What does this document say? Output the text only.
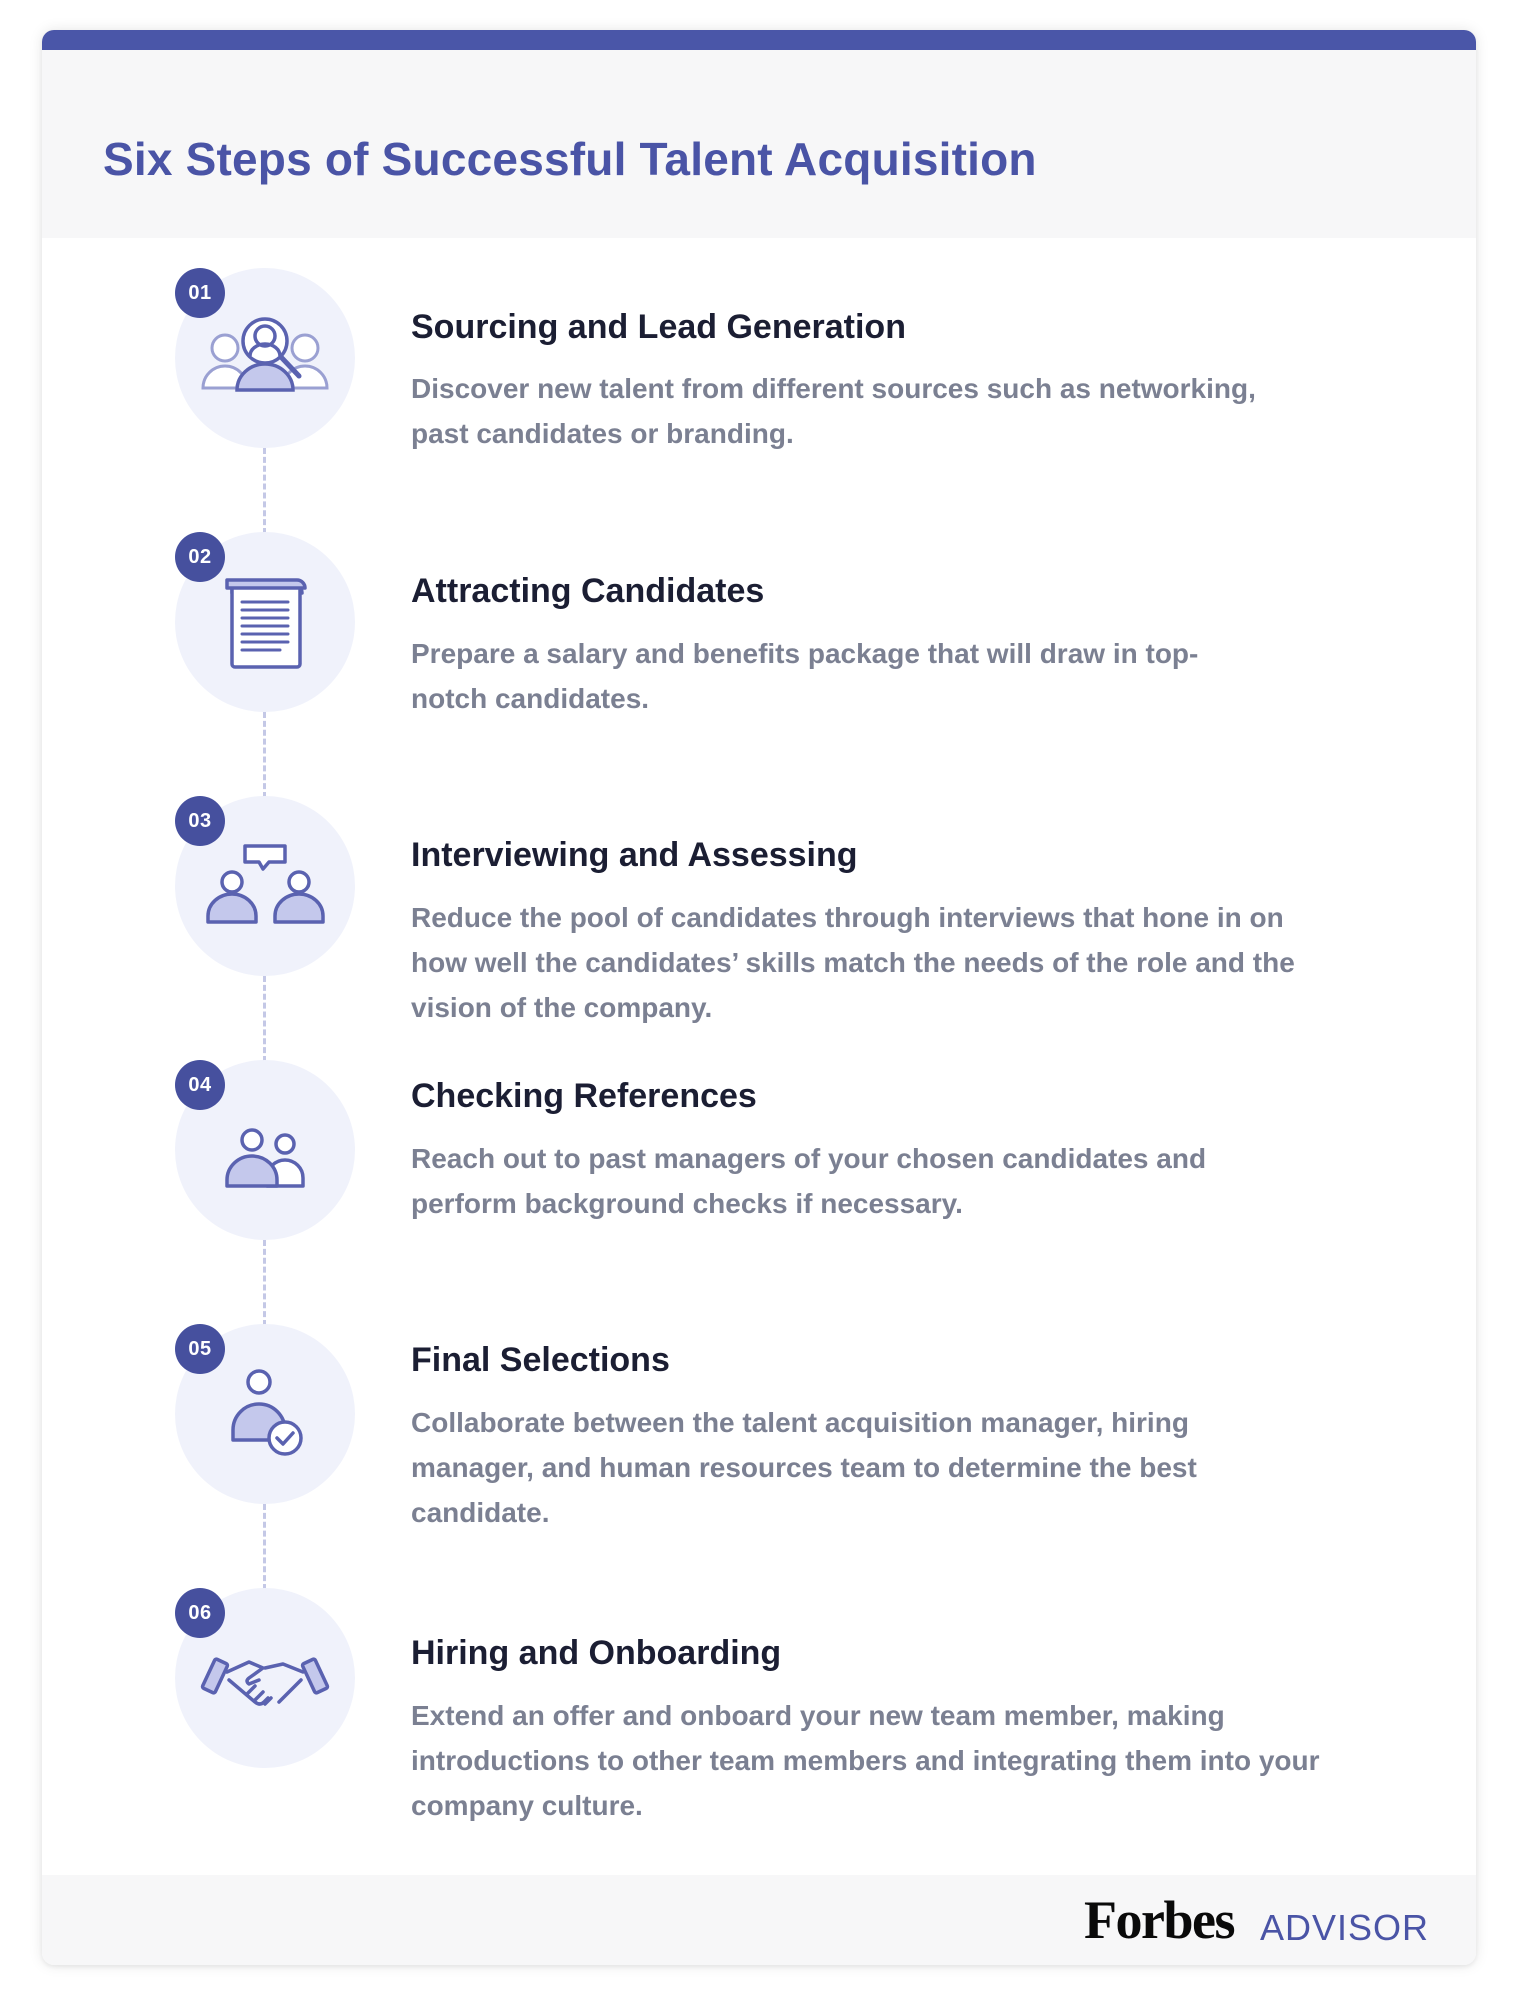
Six Steps of Successful Talent Acquisition
01
Sourcing and Lead Generation

Discover new talent from different sources such as networking, past candidates or branding.

02
Attracting Candidates

Prepare a salary and benefits package that will draw in top-notch candidates.

03
Interviewing and Assessing

Reduce the pool of candidates through interviews that hone in on how well the candidates’ skills match the needs of the role and the vision of the company.

04	Checking References

Reach out to past managers of your chosen candidates and perform background checks if necessary.

05	Final Selections

Collaborate between the talent acquisition manager, hiring manager, and human resources team to determine the best candidate.

06
Hiring and Onboarding

Extend an offer and onboard your new team member, making introductions to other team members and integrating them into your company culture.

Forbes ADVISOR
